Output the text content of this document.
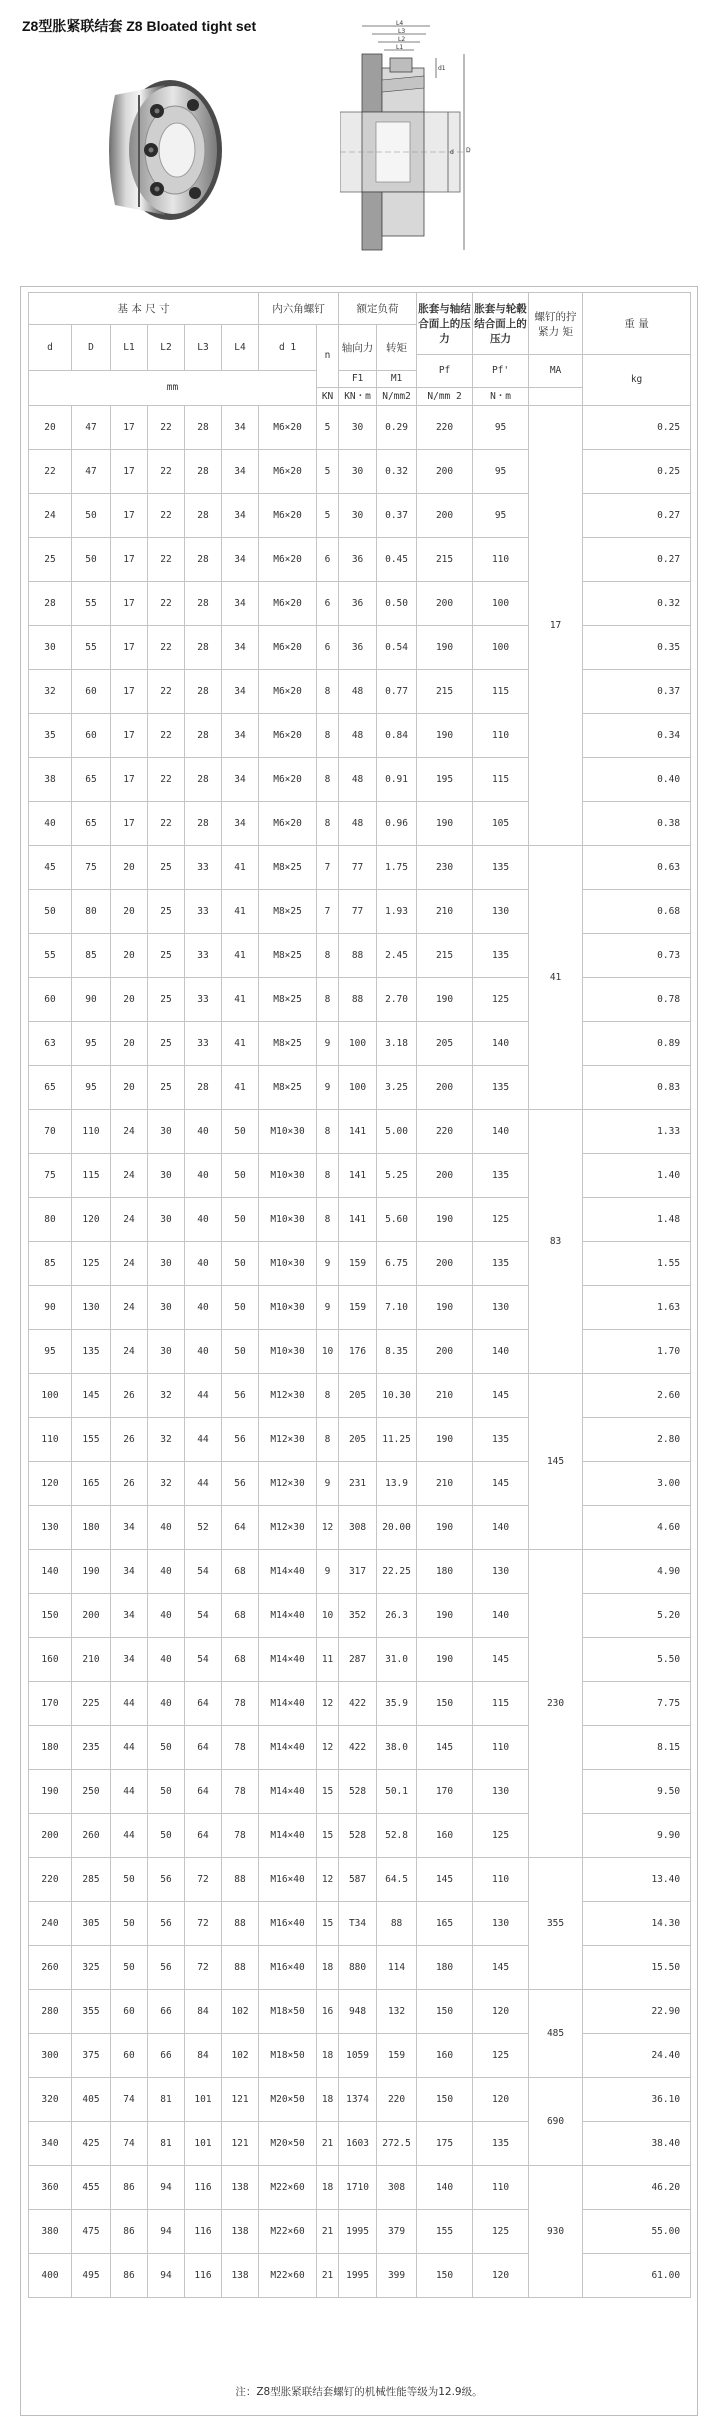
Z8型胀紧联结套 Z8 Bloated tight set	L4
L3
L2
L1
d1
d D
基 本 尺 寸						内六角螺钉		额定负荷		胀套与轴结合面上的压力	胀套与轮毂结合面上的压力	螺钉的拧 紧力 矩	重 量
d	D	L1	L2	L3	L4	d 1	n	轴向力	转矩				
										Pf	Pf'	MA	kg
mm								F1	M1				
							KN	KN・m	N/mm2	N/mm 2	N・m		
20	47	17	22	28	34	M6×20	5	30	0.29	220	95	17	0.25
22	47	17	22	28	34	M6×20	5	30	0.32	200	95		0.25
24	50	17	22	28	34	M6×20	5	30	0.37	200	95		0.27
25	50	17	22	28	34	M6×20	6	36	0.45	215	110		0.27
28	55	17	22	28	34	M6×20	6	36	0.50	200	100		0.32
30	55	17	22	28	34	M6×20	6	36	0.54	190	100		0.35
32	60	17	22	28	34	M6×20	8	48	0.77	215	115		0.37
35	60	17	22	28	34	M6×20	8	48	0.84	190	110		0.34
38	65	17	22	28	34	M6×20	8	48	0.91	195	115		0.40
40	65	17	22	28	34	M6×20	8	48	0.96	190	105		0.38
45	75	20	25	33	41	M8×25	7	77	1.75	230	135	41	0.63
50	80	20	25	33	41	M8×25	7	77	1.93	210	130		0.68
55	85	20	25	33	41	M8×25	8	88	2.45	215	135		0.73
60	90	20	25	33	41	M8×25	8	88	2.70	190	125		0.78
63	95	20	25	33	41	M8×25	9	100	3.18	205	140		0.89
65	95	20	25	28	41	M8×25	9	100	3.25	200	135		0.83
70	110	24	30	40	50	M10×30	8	141	5.00	220	140	83	1.33
75	115	24	30	40	50	M10×30	8	141	5.25	200	135		1.40
80	120	24	30	40	50	M10×30	8	141	5.60	190	125		1.48
85	125	24	30	40	50	M10×30	9	159	6.75	200	135		1.55
90	130	24	30	40	50	M10×30	9	159	7.10	190	130		1.63
95	135	24	30	40	50	M10×30	10	176	8.35	200	140		1.70
100	145	26	32	44	56	M12×30	8	205	10.30	210	145	145	2.60
110	155	26	32	44	56	M12×30	8	205	11.25	190	135		2.80
120	165	26	32	44	56	M12×30	9	231	13.9	210	145		3.00
130	180	34	40	52	64	M12×30	12	308	20.00	190	140		4.60
140	190	34	40	54	68	M14×40	9	317	22.25	180	130	230	4.90
150	200	34	40	54	68	M14×40	10	352	26.3	190	140		5.20
160	210	34	40	54	68	M14×40	11	287	31.0	190	145		5.50
170	225	44	40	64	78	M14×40	12	422	35.9	150	115		7.75
180	235	44	50	64	78	M14×40	12	422	38.0	145	110		8.15
190	250	44	50	64	78	M14×40	15	528	50.1	170	130		9.50
200	260	44	50	64	78	M14×40	15	528	52.8	160	125		9.90
220	285	50	56	72	88	M16×40	12	587	64.5	145	110	355	13.40
240	305	50	56	72	88	M16×40	15	T34	88	165	130		14.30
260	325	50	56	72	88	M16×40	18	880	114	180	145		15.50
280	355	60	66	84	102	M18×50	16	948	132	150	120	485	22.90
300	375	60	66	84	102	M18×50	18	1059	159	160	125		24.40
320	405	74	81	101	121	M20×50	18	1374	220	150	120	690	36.10
340	425	74	81	101	121	M20×50	21	1603	272.5	175	135		38.40
360	455	86	94	116	138	M22×60	18	1710	308	140	110	930	46.20
380	475	86	94	116	138	M22×60	21	1995	379	155	125		55.00
400	495	86	94	116	138	M22×60	21	1995	399	150	120		61.00
注：Z8型胀紧联结套螺钉的机械性能等级为12.9级。
